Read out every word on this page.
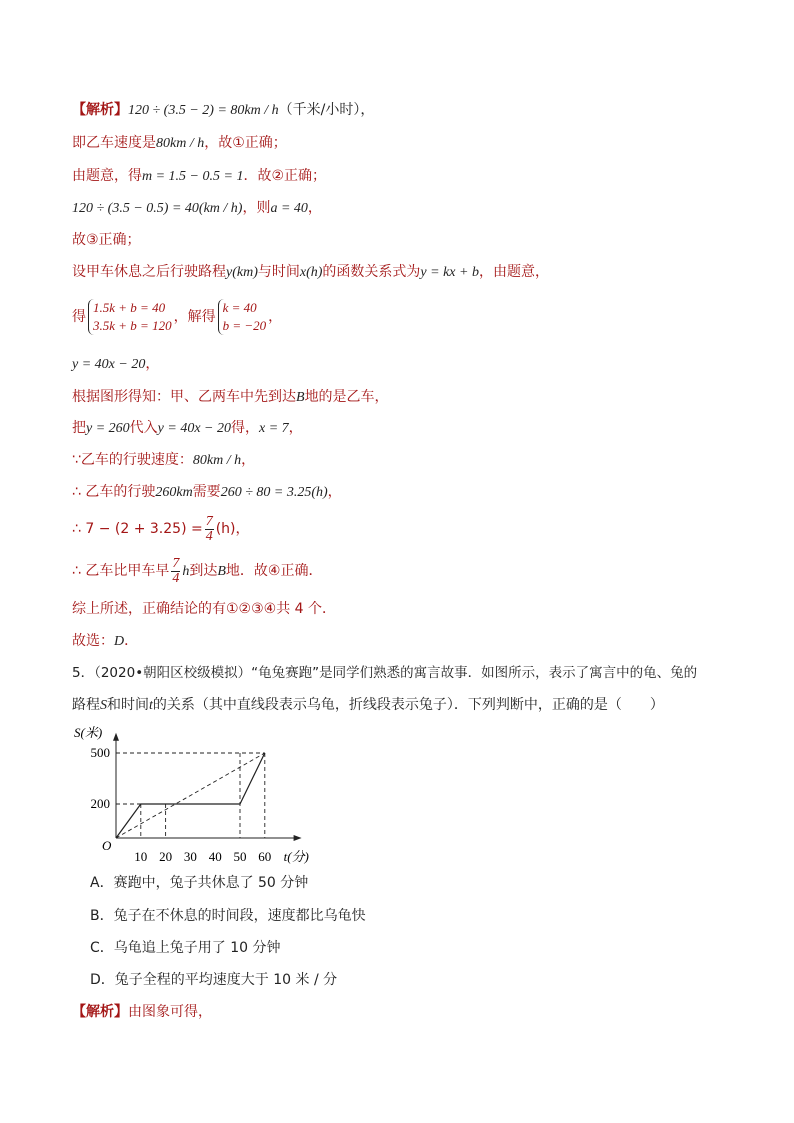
【解析】120 ÷ (3.5 − 2) = 80km / h（千米/小时），
即乙车速度是80km / h，故①正确；
由题意，得m = 1.5 − 0.5 = 1．故②正确；
120 ÷ (3.5 − 0.5) = 40(km / h)，则a = 40，
故③正确；
设甲车休息之后行驶路程y(km)与时间x(h)的函数关系式为y = kx + b，由题意，
得
1.5k + b = 40
3.5k + b = 120
，解得
k = 40
b = −20
，
y = 40x − 20，
根据图形得知：甲、乙两车中先到达B地的是乙车，
把y = 260代入y = 40x − 20得，x = 7，
∵乙车的行驶速度：80km / h，
∴ 乙车的行驶260km需要260 ÷ 80 = 3.25(h)，
∴ $7 - (2 + 3.25) = \frac{7}{4} (h)$，
∴ 乙车比甲车早 $\frac{7}{4}$ h到达B地．故④正确．
综上所述，正确结论的有①②③④共 4 个．
故选：D．
5．（2020•朝阳区校级模拟）“龟兔赛跑”是同学们熟悉的寓言故事．如图所示，表示了寓言中的龟、兔的
路程S和时间t的关系（其中直线段表示乌龟，折线段表示兔子）．下列判断中，正确的是（　　）
S(米)
t(分)
O
10 20 30 40 50 60
200
500
A．赛跑中，兔子共休息了 50 分钟
B．兔子在不休息的时间段，速度都比乌龟快
C．乌龟追上兔子用了 10 分钟
D．兔子全程的平均速度大于 10 米 / 分
【解析】由图象可得，
